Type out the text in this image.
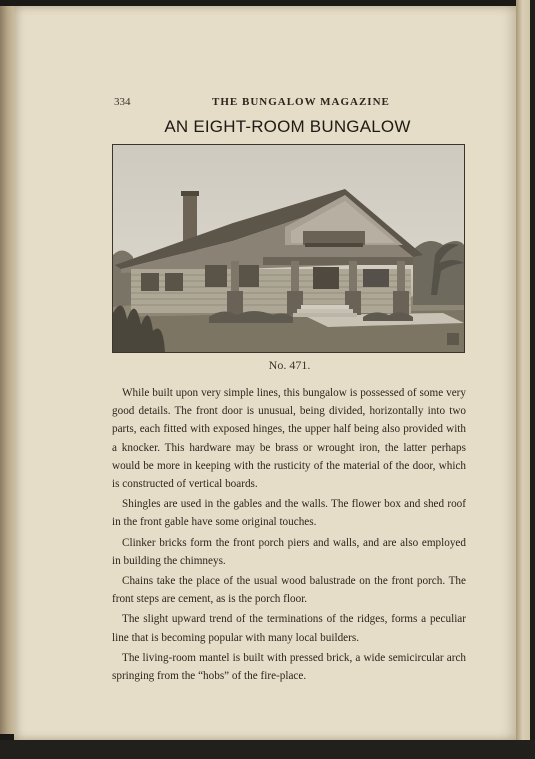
334	THE BUNGALOW MAGAZINE
AN EIGHT-ROOM BUNGALOW
No. 471.

While built upon very simple lines, this bungalow is possessed of some very good details. The front door is unusual, being divided, horizontally into two parts, each fitted with exposed hinges, the upper half being also provided with a knocker. This hardware may be brass or wrought iron, the latter perhaps would be more in keeping with the rusticity of the material of the door, which is constructed of vertical boards.

Shingles are used in the gables and the walls. The flower box and shed roof in the front gable have some original touches.

Clinker bricks form the front porch piers and walls, and are also employed in building the chimneys.

Chains take the place of the usual wood balustrade on the front porch. The front steps are cement, as is the porch floor.

The slight upward trend of the terminations of the ridges, forms a peculiar line that is becoming popular with many local builders.

The living-room mantel is built with pressed brick, a wide semicircular arch springing from the “hobs” of the fire-place.
